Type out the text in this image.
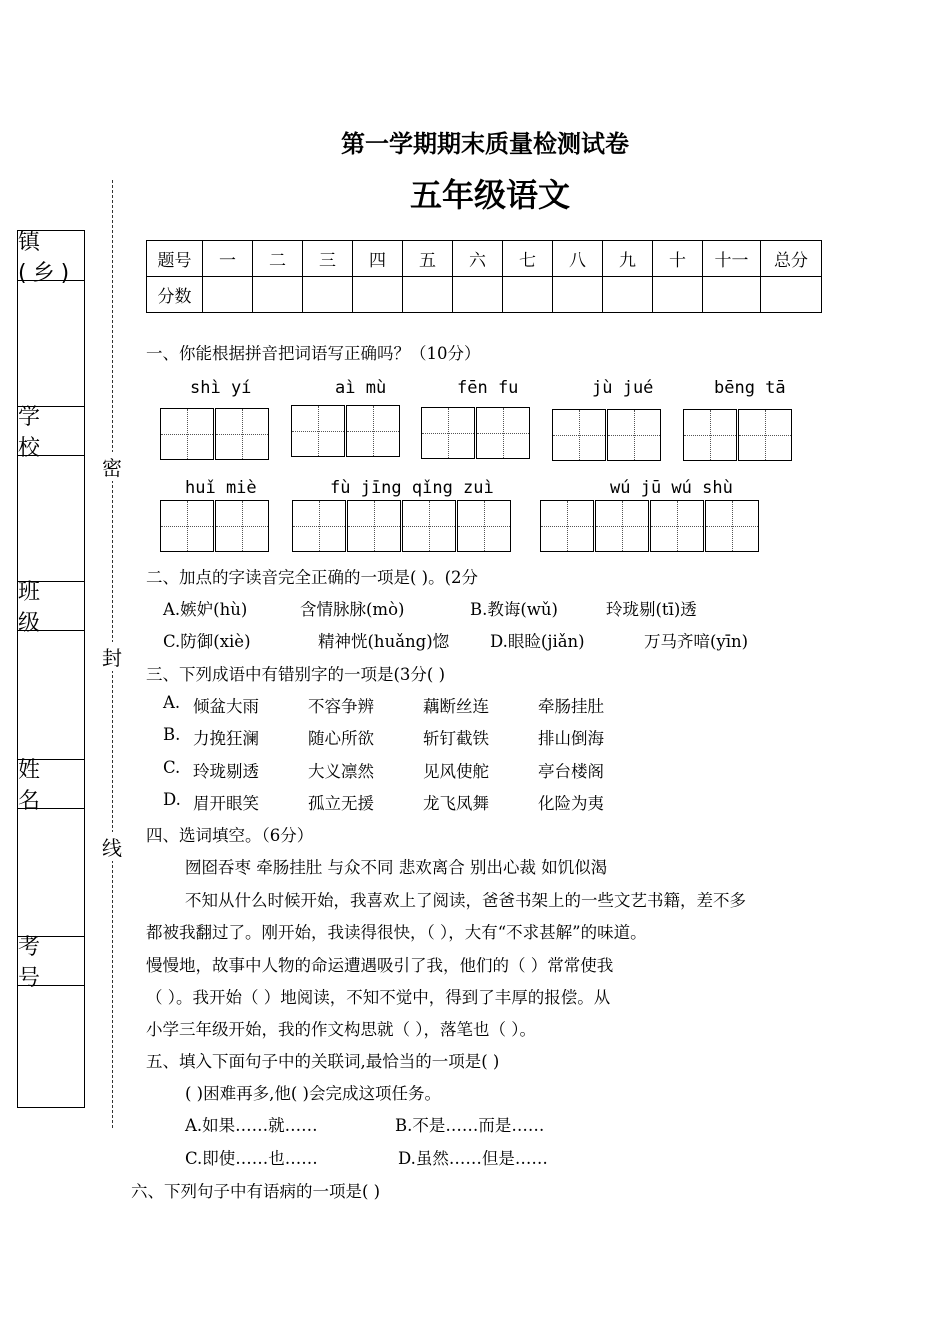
第一学期期末质量检测试卷
五年级语文
镇(乡)
学 校
班 级
姓 名
考 号
密
封
线
题号	一	二	三	四	五	六	七	八	九	十	十一	总分
分数												
一、你能根据拼音把词语写正确吗？（10分）
shì yí	aì mù	fēn fu	jù jué	bēng tā
huǐ miè	fù jīng qǐng zuì	wú jū wú shù
二、加点的字读音完全正确的一项是( )。(2分
A.嫉妒(hù)	含情脉脉(mò)	B.教诲(wǔ)	玲珑剔(tī)透
C.防御(xiè)	精神恍(huǎng)惚 D.眼睑(jiǎn)	万马齐喑(yīn)
三、下列成语中有错别字的一项是(3分( )
A. 倾盆大雨	不容争辨	藕断丝连	牵肠挂肚
B. 力挽狂澜	随心所欲	斩钉截铁	排山倒海
C. 玲珑剔透	大义凛然	见风使舵	亭台楼阁
D. 眉开眼笑	孤立无援	龙飞凤舞	化险为夷
四、选词填空。（6分）
囫囵吞枣 牵肠挂肚 与众不同 悲欢离合 别出心裁 如饥似渴
不知从什么时候开始，我喜欢上了阅读，爸爸书架上的一些文艺书籍，差不多
都被我翻过了。刚开始，我读得很快，（ ），大有“不求甚解”的味道。
慢慢地，故事中人物的命运遭遇吸引了我，他们的（ ）常常使我
（ ）。我开始（ ）地阅读，不知不觉中，得到了丰厚的报偿。从
小学三年级开始，我的作文构思就（ ），落笔也（ ）。
五、填入下面句子中的关联词,最恰当的一项是( )
( )困难再多,他( )会完成这项任务。
A.如果……就……	B.不是……而是……
C.即使……也……	D.虽然……但是……
六、下列句子中有语病的一项是( )
